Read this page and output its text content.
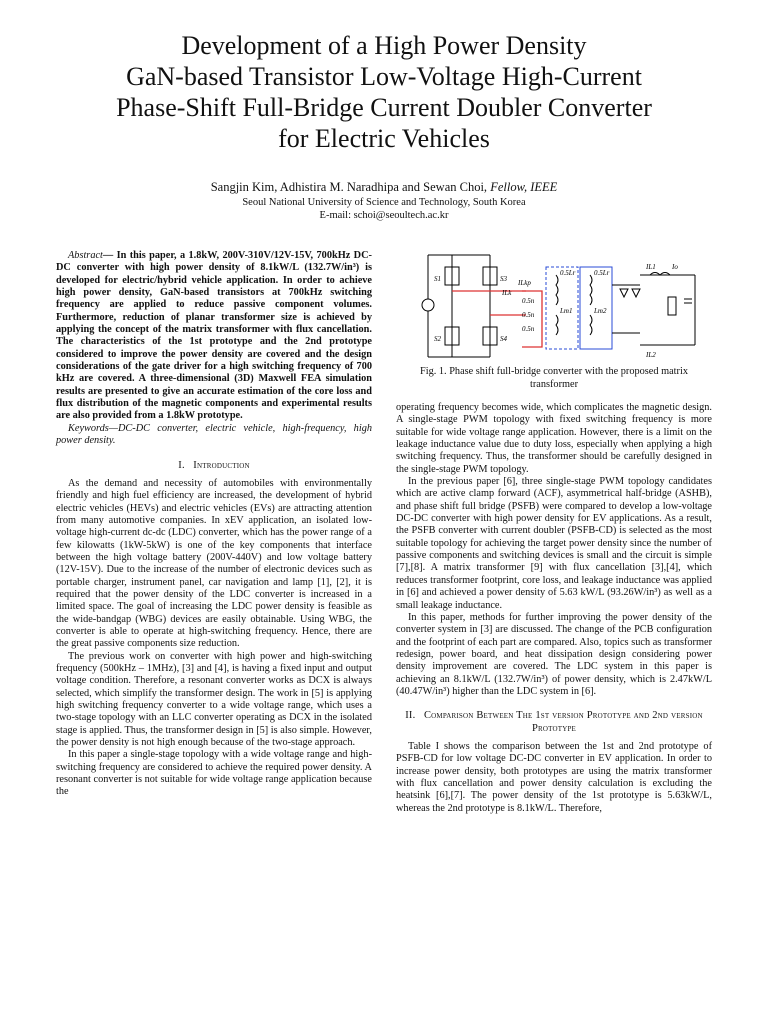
Development of a High Power Density
GaN-based Transistor Low-Voltage High-Current
Phase-Shift Full-Bridge Current Doubler Converter
for Electric Vehicles
Sangjin Kim, Adhistira M. Naradhipa and Sewan Choi, Fellow, IEEE
Seoul National University of Science and Technology, South Korea
E-mail: schoi@seoultech.ac.kr

Abstract— In this paper, a 1.8kW, 200V-310V/12V-15V, 700kHz DC-DC converter with high power density of 8.1kW/L (132.7W/in³) is developed for electric/hybrid vehicle application. In order to achieve high power density, GaN-based transistors at 700kHz switching frequency are applied to reduce passive component volumes. Furthermore, reduction of planar transformer size is achieved by applying the concept of the matrix transformer with flux cancellation. The characteristics of the 1st prototype and the 2nd prototype considered to improve the power density are covered and the design considerations of the gate driver for a high switching frequency of 700 kHz are covered. A three-dimensional (3D) Maxwell FEA simulation results are presented to give an accurate estimation of the core loss and flux distribution of the magnetic components and experimental results are also provided from a 1.8kW prototype.

Keywords—DC-DC converter, electric vehicle, high-frequency, high power density.

I. Introduction

As the demand and necessity of automobiles with environmentally friendly and high fuel efficiency are increased, the development of hybrid electric vehicles (HEVs) and electric vehicles (EVs) are attracting attention from many automotive companies. In xEV application, an isolated low-voltage high-current dc-dc (LDC) converter, which has the power range of a few kilowatts (1kW-5kW) is one of the key components that interface between the high voltage battery (200V-440V) and low voltage battery (12V-15V). Due to the increase of the number of electronic devices such as portable charger, instrument panel, car navigation and lamp [1], [2], it is required that the power density of the LDC converter is increased in a limited space. The goal of increasing the LDC power density is feasible as the wide-bandgap (WBG) devices are easily obtainable. Using WBG, the converter is able to operate at high-switching frequency. Hence, there are the great passive components size reduction.

The previous work on converter with high power and high-switching frequency (500kHz – 1MHz), [3] and [4], is having a fixed input and output voltage condition. Therefore, a resonant converter works as DCX is always selected, which simplify the transformer design. The work in [5] is applying high switching frequency converter to a wide voltage range, which uses a two-stage topology with an LLC converter operating as DCX in the isolated stage is applied. Thus, the transformer design in [5] is also simple. However, the power density is not high enough because of the two-stage approach.

In this paper a single-stage topology with a wide voltage range and high-switching frequency are considered to achieve the required power density. A resonant converter is not suitable for wide voltage range application because the

S1
S2
S3
S4
ILk
ILkp
0.5n
0.5n
0.5n
0.5Lr	0.5Lr
Lm1	Lm2
IL1
IL2
Io
Fig. 1. Phase shift full-bridge converter with the proposed matrix transformer

operating frequency becomes wide, which complicates the magnetic design. A single-stage PWM topology with fixed switching frequency is more suitable for wide voltage range application. However, there is a limit on the leakage inductance value due to duty loss, especially when applying a high switching frequency. Thus, the transformer should be carefully designed in the single-stage PWM topology.

In the previous paper [6], three single-stage PWM topology candidates which are active clamp forward (ACF), asymmetrical half-bridge (ASHB), and phase shift full bridge (PSFB) were compared to develop a low-voltage DC-DC converter with high power density for EV applications. As a result, the PSFB converter with current doubler (PSFB-CD) is selected as the most suitable topology for achieving the target power density since the number of passive components and switching devices is small and the circuit is simple [7],[8]. A matrix transformer [9] with flux cancellation [3],[4], which reduces transformer footprint, core loss, and leakage inductance was applied in [6] and achieved a power density of 5.63 kW/L (93.26W/in³) as well as a small leakage inductance.

In this paper, methods for further improving the power density of the converter system in [3] are discussed. The change of the PCB configuration and the footprint of each part are compared. Also, topics such as transformer redesign, power board, and heat dissipation design considering power density improvement are covered. The LDC system in this paper is achieving an 8.1kW/L (132.7W/in³) of power density, which is 2.47kW/L (40.47W/in³) higher than the LDC system in [6].

II. Comparison Between The 1st version Prototype and 2nd version Prototype

Table I shows the comparison between the 1st and 2nd prototype of PSFB-CD for low voltage DC-DC converter in EV application. In order to increase power density, both prototypes are using the matrix transformer with flux cancellation and power density calculation is excluding the heatsink [6],[7]. The power density of the 1st prototype is 5.63kW/L, whereas the 2nd prototype is 8.1kW/L. Therefore,
